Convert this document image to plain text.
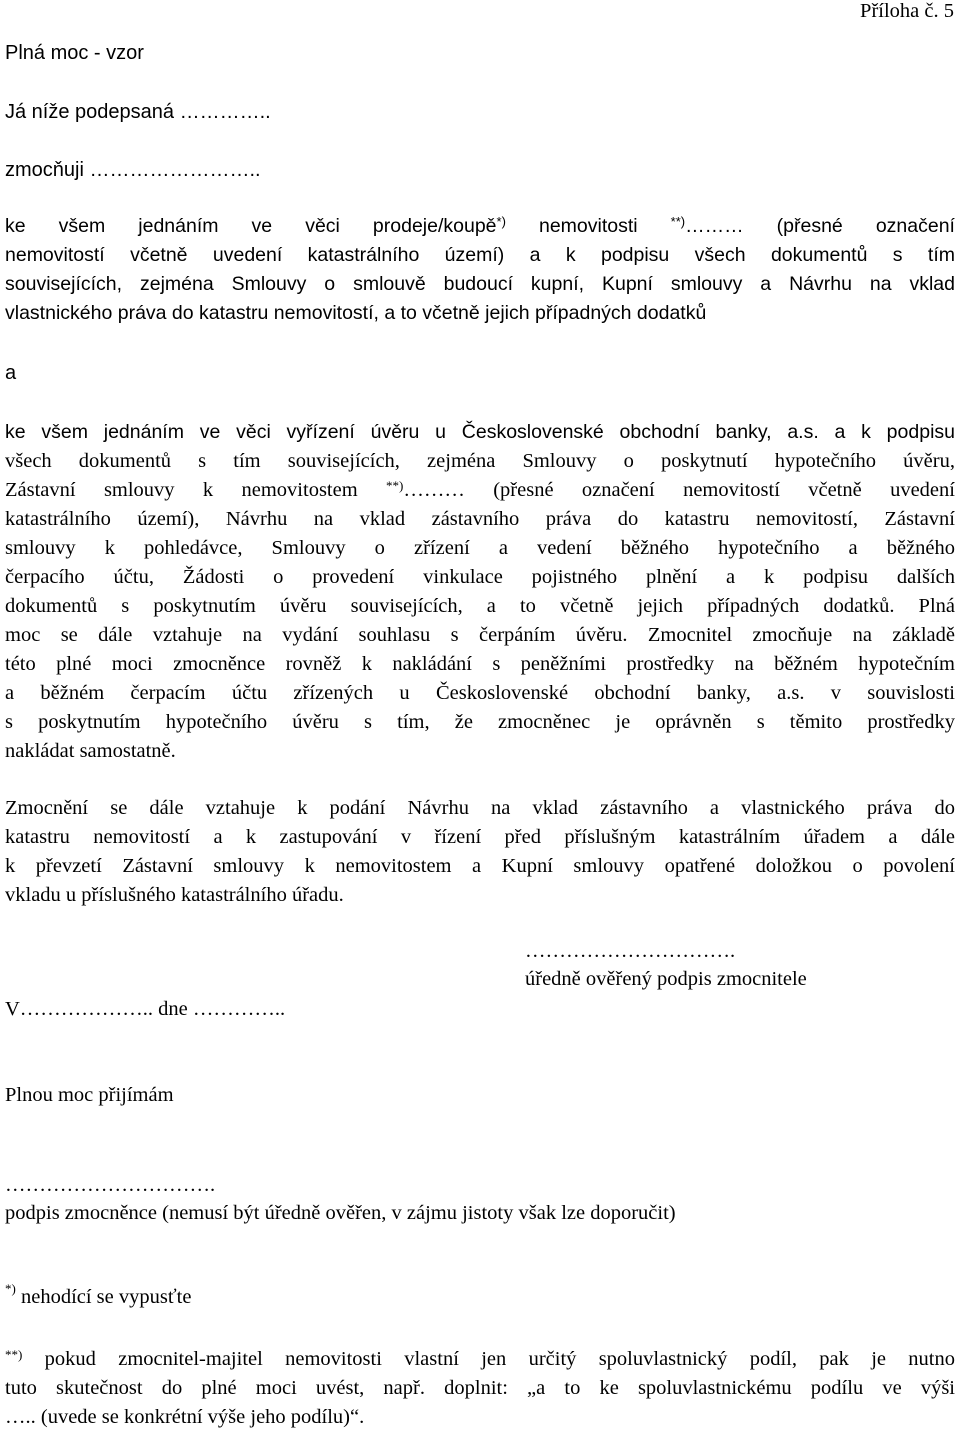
Příloha č. 5
Plná moc - vzor
Já níže podepsaná …………..
zmocňuji ……………………..
ke všem jednáním ve věci prodeje/koupě*) nemovitosti **)……… (přesné označení
nemovitostí včetně uvedení katastrálního území) a k podpisu všech dokumentů s tím
souvisejících, zejména Smlouvy o smlouvě budoucí kupní, Kupní smlouvy a Návrhu na vklad
vlastnického práva do katastru nemovitostí, a to včetně jejich případných dodatků
a
ke všem jednáním ve věci vyřízení úvěru u Československé obchodní banky, a.s. a k podpisu
všech dokumentů s tím souvisejících, zejména Smlouvy o poskytnutí hypotečního úvěru,
Zástavní smlouvy k nemovitostem **)……… (přesné označení nemovitostí včetně uvedení
katastrálního území), Návrhu na vklad zástavního práva do katastru nemovitostí, Zástavní
smlouvy k pohledávce, Smlouvy o zřízení a vedení běžného hypotečního a běžného
čerpacího účtu, Žádosti o provedení vinkulace pojistného plnění a k podpisu dalších
dokumentů s poskytnutím úvěru souvisejících, a to včetně jejich případných dodatků. Plná
moc se dále vztahuje na vydání souhlasu s čerpáním úvěru. Zmocnitel zmocňuje na základě
této plné moci zmocněnce rovněž k nakládání s peněžními prostředky na běžném hypotečním
a běžném čerpacím účtu zřízených u Československé obchodní banky, a.s. v souvislosti
s poskytnutím hypotečního úvěru s tím, že zmocněnec je oprávněn s těmito prostředky
nakládat samostatně.
Zmocnění se dále vztahuje k podání Návrhu na vklad zástavního a vlastnického práva do
katastru nemovitostí a k zastupování v řízení před příslušným katastrálním úřadem a dále
k převzetí Zástavní smlouvy k nemovitostem a Kupní smlouvy opatřené doložkou o povolení
vkladu u příslušného katastrálního úřadu.
………………………….
úředně ověřený podpis zmocnitele
V……………….. dne …………..
Plnou moc přijímám
………………………….
podpis zmocněnce (nemusí být úředně ověřen, v zájmu jistoty však lze doporučit)
*) nehodící se vypusťte
**) pokud zmocnitel-majitel nemovitosti vlastní jen určitý spoluvlastnický podíl, pak je nutno
tuto skutečnost do plné moci uvést, např. doplnit: „a to ke spoluvlastnickému podílu ve výši
….. (uvede se konkrétní výše jeho podílu)“.
